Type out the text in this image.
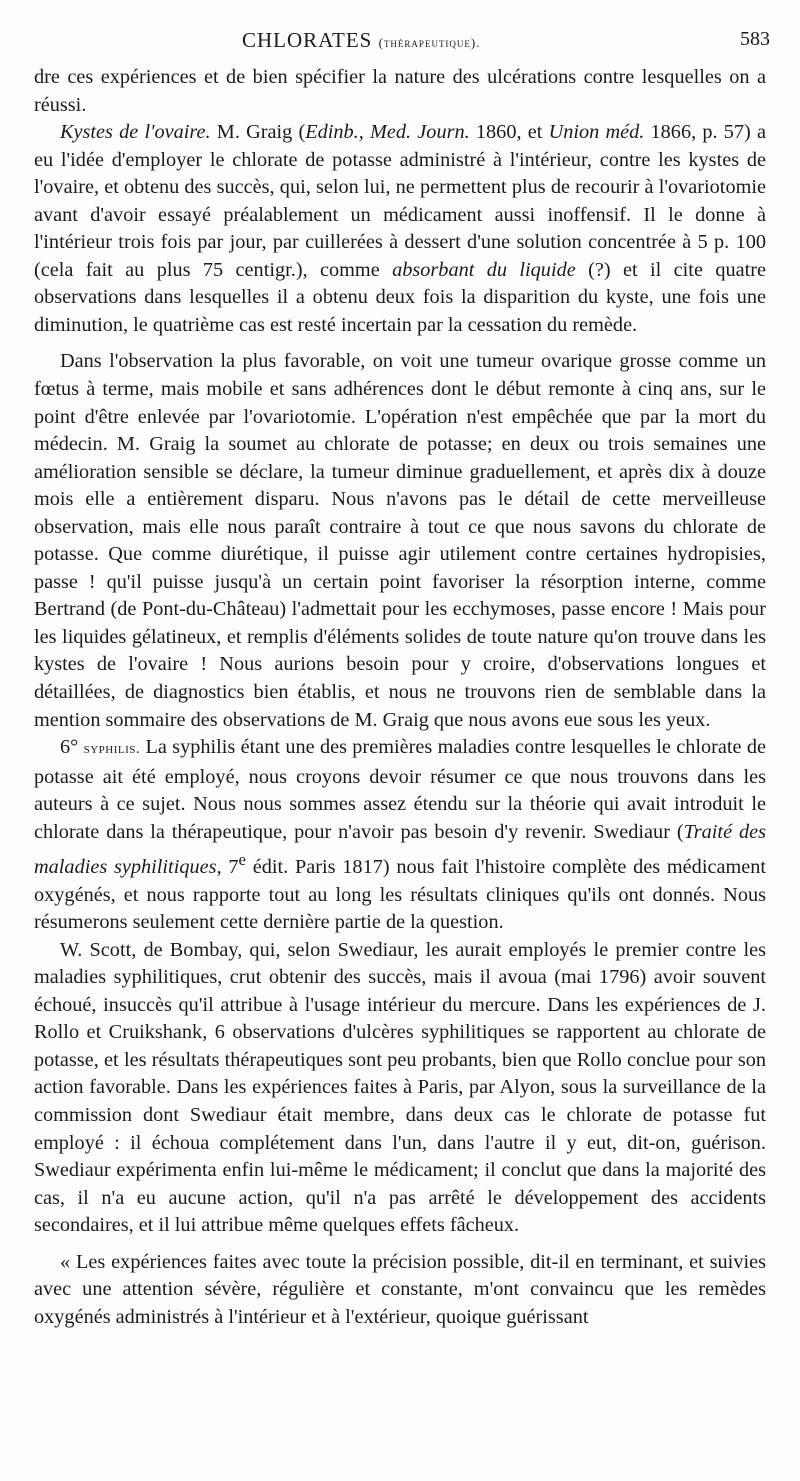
CHLORATES (thérapeutique).	583

dre ces expériences et de bien spécifier la nature des ulcérations contre lesquelles on a réussi.

Kystes de l'ovaire. M. Graig (Edinb., Med. Journ. 1860, et Union méd. 1866, p. 57) a eu l'idée d'employer le chlorate de potasse administré à l'intérieur, contre les kystes de l'ovaire, et obtenu des succès, qui, selon lui, ne permettent plus de recourir à l'ovariotomie avant d'avoir essayé préalablement un médicament aussi inoffensif. Il le donne à l'intérieur trois fois par jour, par cuillerées à dessert d'une solution concentrée à 5 p. 100 (cela fait au plus 75 centigr.), comme absorbant du liquide (?) et il cite quatre observations dans lesquelles il a obtenu deux fois la disparition du kyste, une fois une diminution, le quatrième cas est resté incertain par la cessation du remède.

Dans l'observation la plus favorable, on voit une tumeur ovarique grosse comme un fœtus à terme, mais mobile et sans adhérences dont le début remonte à cinq ans, sur le point d'être enlevée par l'ovariotomie. L'opération n'est empêchée que par la mort du médecin. M. Graig la soumet au chlorate de potasse; en deux ou trois semaines une amélioration sensible se déclare, la tumeur diminue graduellement, et après dix à douze mois elle a entièrement disparu. Nous n'avons pas le détail de cette merveilleuse observation, mais elle nous paraît contraire à tout ce que nous savons du chlorate de potasse. Que comme diurétique, il puisse agir utilement contre certaines hydropisies, passe ! qu'il puisse jusqu'à un certain point favoriser la résorption interne, comme Bertrand (de Pont-du-Château) l'admettait pour les ecchymoses, passe encore ! Mais pour les liquides gélatineux, et remplis d'éléments solides de toute nature qu'on trouve dans les kystes de l'ovaire ! Nous aurions besoin pour y croire, d'observations longues et détaillées, de diagnostics bien établis, et nous ne trouvons rien de semblable dans la mention sommaire des observations de M. Graig que nous avons eue sous les yeux.

6° syphilis. La syphilis étant une des premières maladies contre lesquelles le chlorate de potasse ait été employé, nous croyons devoir résumer ce que nous trouvons dans les auteurs à ce sujet. Nous nous sommes assez étendu sur la théorie qui avait introduit le chlorate dans la thérapeutique, pour n'avoir pas besoin d'y revenir. Swediaur (Traité des maladies syphilitiques, 7e édit. Paris 1817) nous fait l'histoire complète des médicament oxygénés, et nous rapporte tout au long les résultats cliniques qu'ils ont donnés. Nous résumerons seulement cette dernière partie de la question.

W. Scott, de Bombay, qui, selon Swediaur, les aurait employés le premier contre les maladies syphilitiques, crut obtenir des succès, mais il avoua (mai 1796) avoir souvent échoué, insuccès qu'il attribue à l'usage intérieur du mercure. Dans les expériences de J. Rollo et Cruikshank, 6 observations d'ulcères syphilitiques se rapportent au chlorate de potasse, et les résultats thérapeutiques sont peu probants, bien que Rollo conclue pour son action favorable. Dans les expériences faites à Paris, par Alyon, sous la surveillance de la commission dont Swediaur était membre, dans deux cas le chlorate de potasse fut employé : il échoua complétement dans l'un, dans l'autre il y eut, dit-on, guérison. Swediaur expérimenta enfin lui-même le médicament; il conclut que dans la majorité des cas, il n'a eu aucune action, qu'il n'a pas arrêté le développement des accidents secondaires, et il lui attribue même quelques effets fâcheux.

« Les expériences faites avec toute la précision possible, dit-il en terminant, et suivies avec une attention sévère, régulière et constante, m'ont convaincu que les remèdes oxygénés administrés à l'intérieur et à l'extérieur, quoique guérissant
